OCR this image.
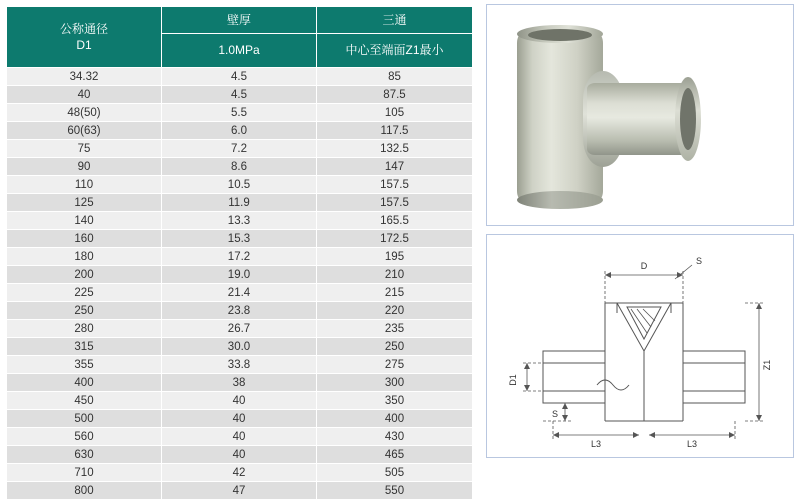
公称通径
D1	壁厚	三通
	1.0MPa	中心至端面Z1最小
34.32	4.5	85
40	4.5	87.5
48(50)	5.5	105
60(63)	6.0	117.5
75	7.2	132.5
90	8.6	147
110	10.5	157.5
125	11.9	157.5
140	13.3	165.5
160	15.3	172.5
180	17.2	195
200	19.0	210
225	21.4	215
250	23.8	220
280	26.7	235
315	30.0	250
355	33.8	275
400	38	300
450	40	350
500	40	400
560	40	430
630	40	465
710	42	505
800	47	550
D	S
Z1
D1
S
L3	L3
